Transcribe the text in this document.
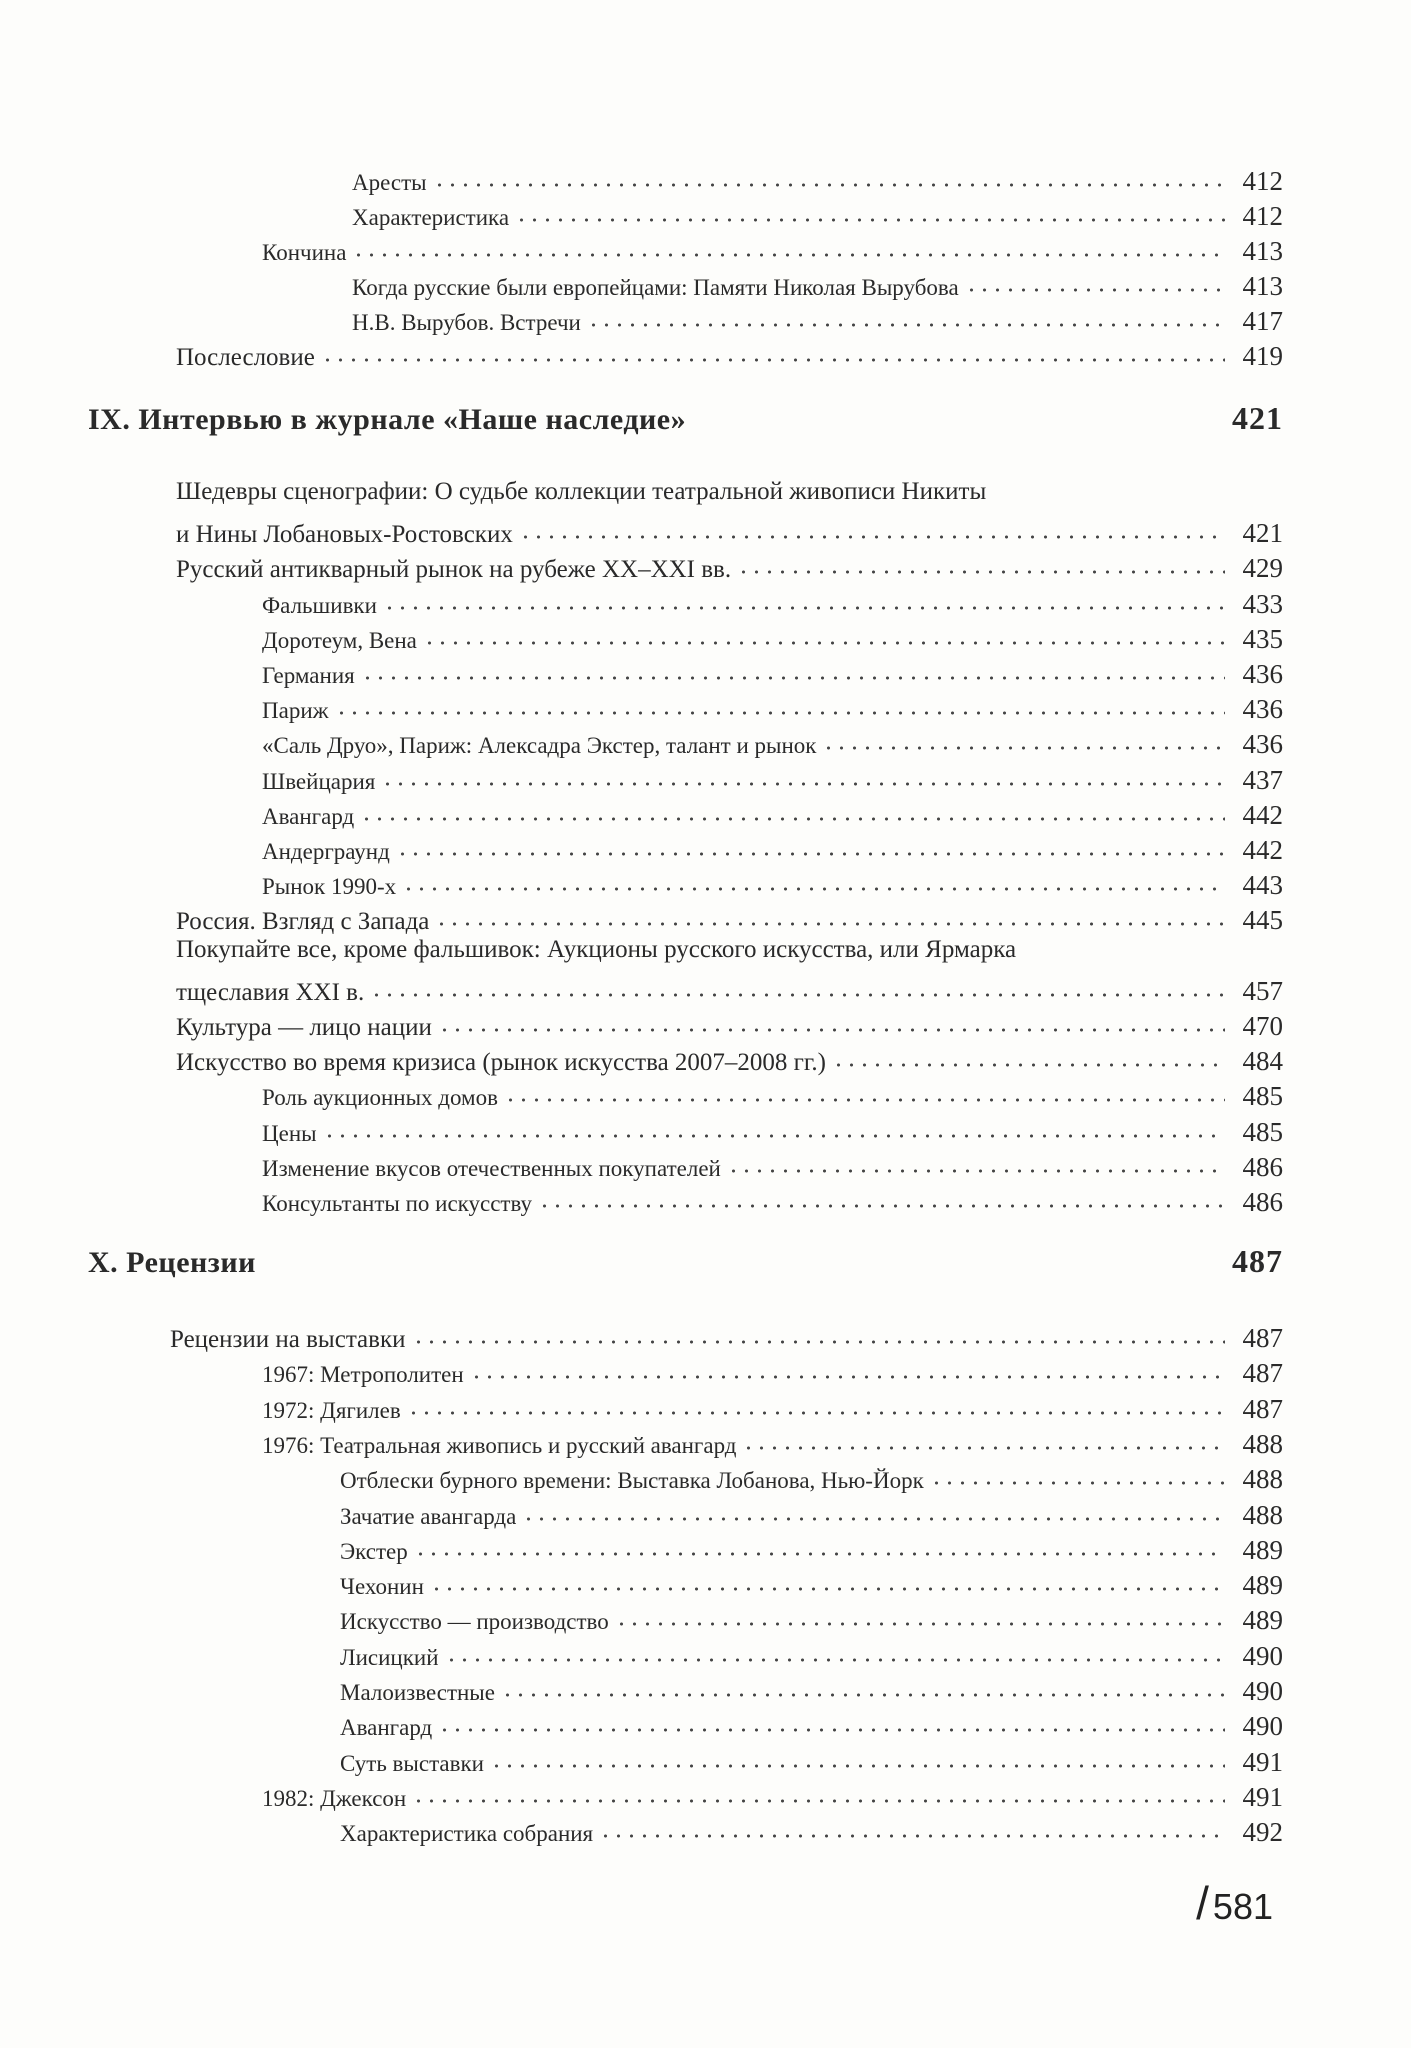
Аресты	412
Характеристика	412
Кончина	413
Когда русские были европейцами: Памяти Николая Вырубова	413
Н.В. Вырубов. Встречи	417
Послесловие	419
IX. Интервью в журнале «Наше наследие»	421
Шедевры сценографии: О судьбе коллекции театральной живописи Никиты
и Нины Лобановых-Ростовских	421
Русский антикварный рынок на рубеже XX–XXI вв.	429
Фальшивки	433
Доротеум, Вена	435
Германия	436
Париж	436
«Саль Друо», Париж: Алексадра Экстер, талант и рынок	436
Швейцария	437
Авангард	442
Андерграунд	442
Рынок 1990-х	443
Россия. Взгляд с Запада	445
Покупайте все, кроме фальшивок: Аукционы русского искусства, или Ярмарка
тщеславия XXI в.	457
Культура — лицо нации	470
Искусство во время кризиса (рынок искусства 2007–2008 гг.)	484
Роль аукционных домов	485
Цены	485
Изменение вкусов отечественных покупателей	486
Консультанты по искусству	486
X. Рецензии	487
Рецензии на выставки	487
1967: Метрополитен	487
1972: Дягилев	487
1976: Театральная живопись и русский авангард	488
Отблески бурного времени: Выставка Лобанова, Нью-Йорк	488
Зачатие авангарда	488
Экстер	489
Чехонин	489
Искусство — производство	489
Лисицкий	490
Малоизвестные	490
Авангард	490
Суть выставки	491
1982: Джексон	491
Характеристика собрания	492
/ 581
